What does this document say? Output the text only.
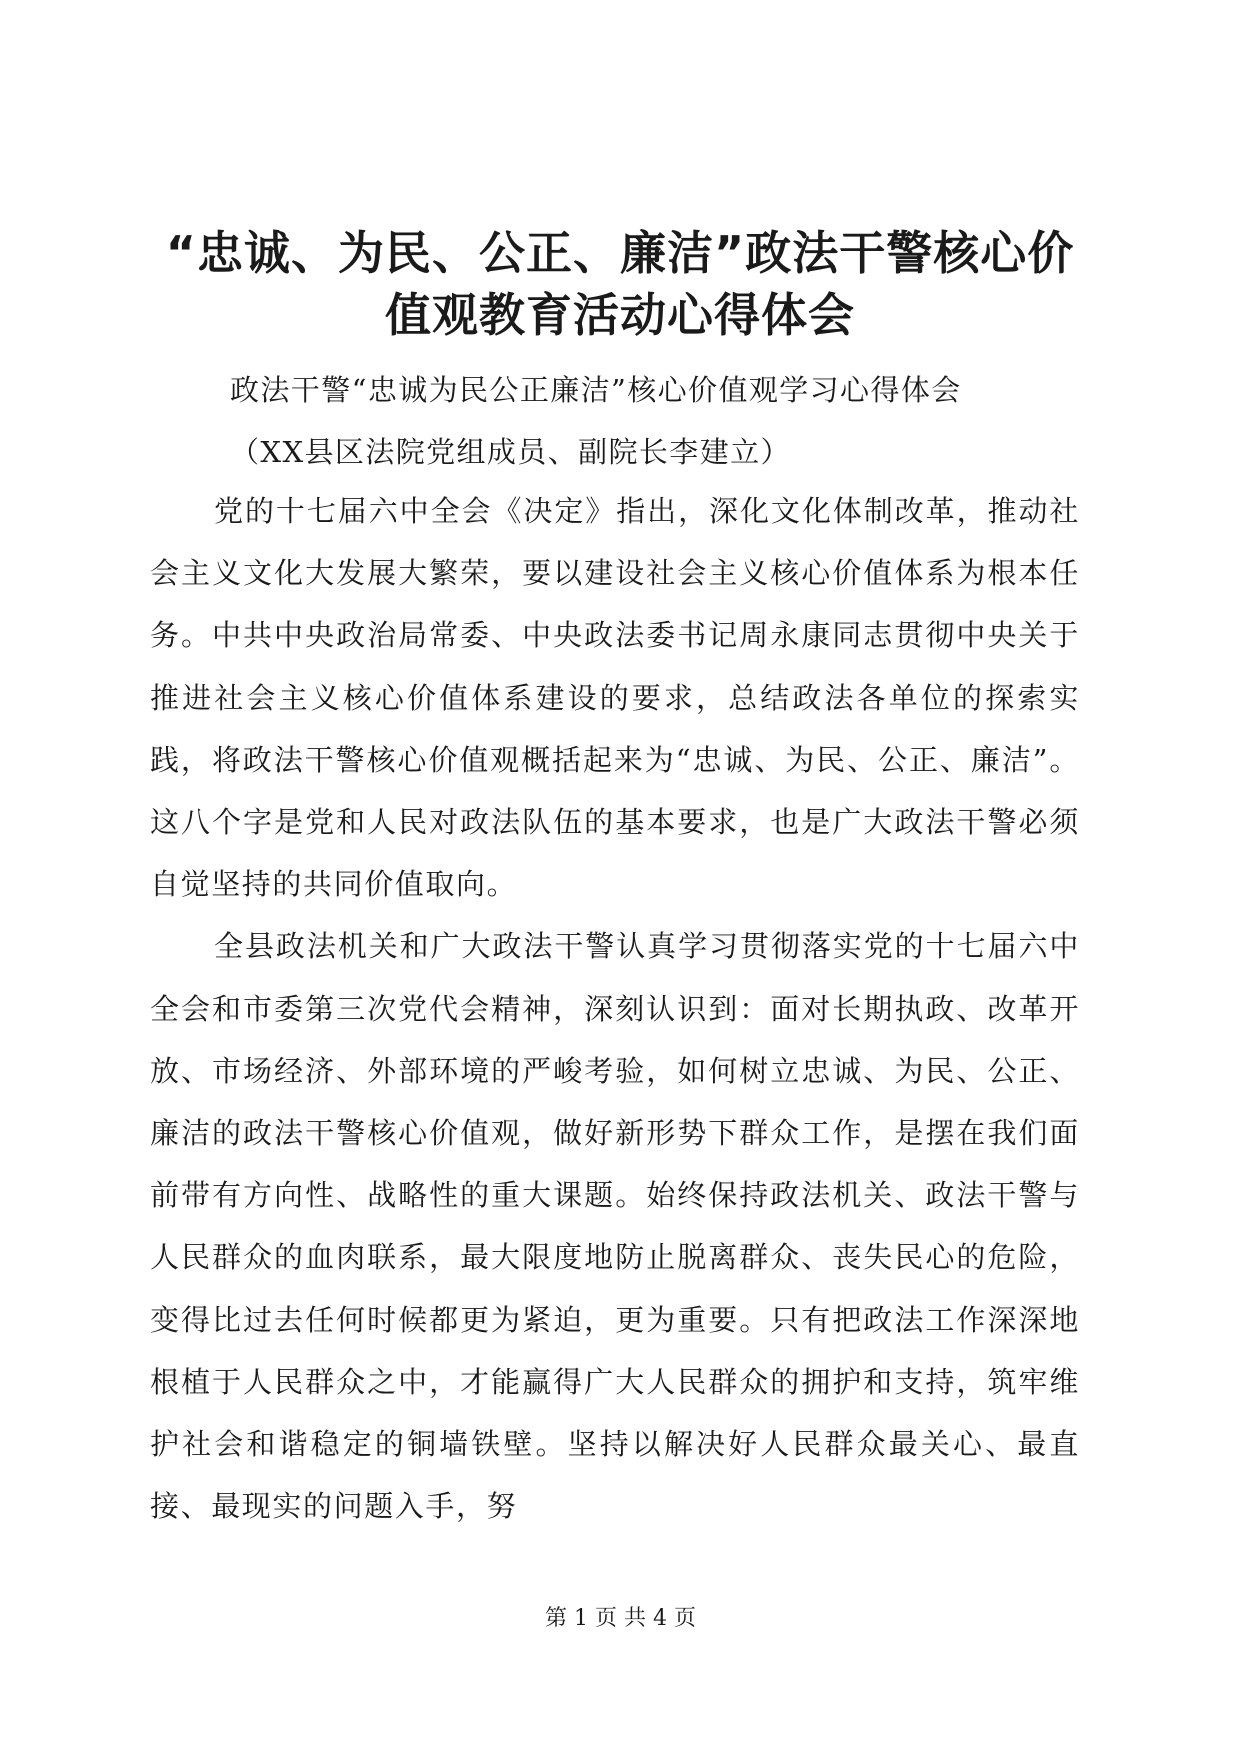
“忠诚、为民、公正、廉洁”政法干警核心价值观教育活动心得体会

政法干警“忠诚为民公正廉洁”核心价值观学习心得体会

（XX县区法院党组成员、副院长李建立）

党的十七届六中全会《决定》指出，深化文化体制改革，推动社会主义文化大发展大繁荣，要以建设社会主义核心价值体系为根本任务。中共中央政治局常委、中央政法委书记周永康同志贯彻中央关于推进社会主义核心价值体系建设的要求，总结政法各单位的探索实践，将政法干警核心价值观概括起来为“忠诚、为民、公正、廉洁”。这八个字是党和人民对政法队伍的基本要求，也是广大政法干警必须自觉坚持的共同价值取向。

全县政法机关和广大政法干警认真学习贯彻落实党的十七届六中全会和市委第三次党代会精神，深刻认识到：面对长期执政、改革开放、市场经济、外部环境的严峻考验，如何树立忠诚、为民、公正、廉洁的政法干警核心价值观，做好新形势下群众工作，是摆在我们面前带有方向性、战略性的重大课题。始终保持政法机关、政法干警与人民群众的血肉联系，最大限度地防止脱离群众、丧失民心的危险，变得比过去任何时候都更为紧迫，更为重要。只有把政法工作深深地根植于人民群众之中，才能赢得广大人民群众的拥护和支持，筑牢维护社会和谐稳定的铜墙铁壁。坚持以解决好人民群众最关心、最直接、最现实的问题入手，努

第 1 页 共 4 页
